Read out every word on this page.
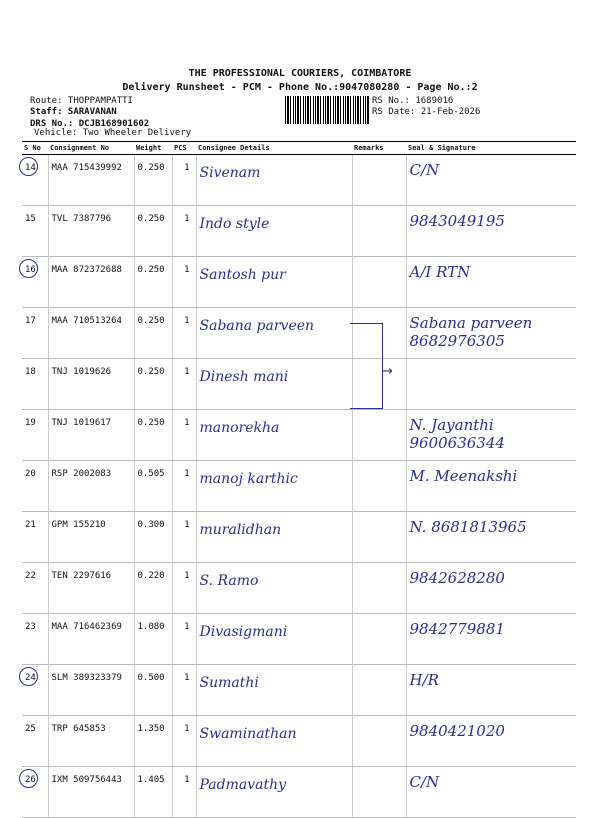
THE PROFESSIONAL COURIERS, COIMBATORE
Delivery Runsheet - PCM - Phone No.:9047080280 - Page No.:2
Route: THOPPAMPATTI
Staff: SARAVANAN
DRS No.: DCJB168901602
Vehicle: Two Wheeler Delivery
RS No.: 1689016
RS Date: 21-Feb-2026
S No	Consignment No	Weight	PCS	Consignee Details	Remarks	Seal & Signature

14	MAA 715439992	0.250	1	Sivenam		C/N
15	TVL 7387796	0.250	1	Indo style		9843049195

16	MAA 872372688	0.250	1	Santosh pur		A/I RTN
17	MAA 710513264	0.250	1	Sabana parveen		Sabana parveen 8682976305
18	TNJ 1019626	0.250	1	Dinesh mani		
19	TNJ 1019617	0.250	1	manorekha		N. Jayanthi 9600636344
20	RSP 2002083	0.505	1	manoj karthic		M. Meenakshi
21	GPM 155210	0.300	1	muralidhan		N. 8681813965
22	TEN 2297616	0.220	1	S. Ramo		9842628280
23	MAA 716462369	1.080	1	Divasigmani		9842779881

24	SLM 389323379	0.500	1	Sumathi		H/R
25	TRP 645853	1.350	1	Swaminathan		9840421020

26	IXM 509756443	1.405	1	Padmavathy		C/N
→
